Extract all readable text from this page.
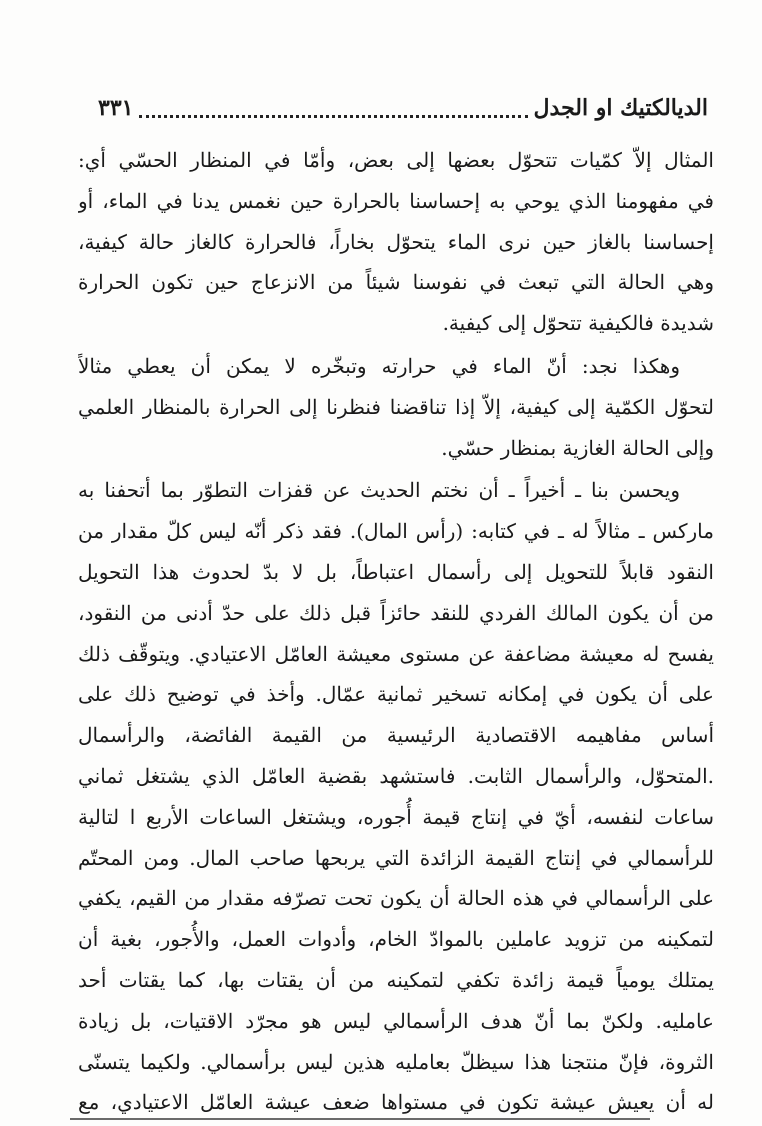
الديالكتيك او الجدل
٣٣١
المثال إلاّ كمّيات تتحوّل بعضها إلى بعض، وأمّا في المنظار الحسّي أي:
في مفهومنا الذي يوحي به إحساسنا بالحرارة حين نغمس يدنا في الماء، أو
إحساسنا بالغاز حين نرى الماء يتحوّل بخاراً، فالحرارة كالغاز حالة كيفية،
وهي الحالة التي تبعث في نفوسنا شيئاً من الانزعاج حين تكون الحرارة
شديدة فالكيفية تتحوّل إلى كيفية.
وهكذا نجد: أنّ الماء في حرارته وتبخّره لا يمكن أن يعطي مثالاً
لتحوّل الكمّية إلى كيفية، إلاّ إذا تناقضنا فنظرنا إلى الحرارة بالمنظار العلمي
وإلى الحالة الغازية بمنظار حسّي.
ويحسن بنا ـ أخيراً ـ أن نختم الحديث عن قفزات التطوّر بما أتحفنا به
ماركس ـ مثالاً له ـ في كتابه: (رأس المال). فقد ذكر أنّه ليس كلّ مقدار من
النقود قابلاً للتحويل إلى رأسمال اعتباطاً، بل لا بدّ لحدوث هذا التحويل
من أن يكون المالك الفردي للنقد حائزاً قبل ذلك على حدّ أدنى من النقود،
يفسح له معيشة مضاعفة عن مستوى معيشة العامّل الاعتيادي. ويتوقّف ذلك
على أن يكون في إمكانه تسخير ثمانية عمّال. وأخذ في توضيح ذلك على
أساس مفاهيمه الاقتصادية الرئيسية من القيمة الفائضة، والرأسمال
.المتحوّل، والرأسمال الثابت. فاستشهد بقضية العامّل الذي يشتغل ثماني
ساعات لنفسه، أيّ في إنتاج قيمة أُجوره، ويشتغل الساعات الأربع ا لتالية
للرأسمالي في إنتاج القيمة الزائدة التي يربحها صاحب المال. ومن المحتّم
على الرأسمالي في هذه الحالة أن يكون تحت تصرّفه مقدار من القيم، يكفي
لتمكينه من تزويد عاملين بالموادّ الخام، وأدوات العمل، والأُجور، بغية أن
يمتلك يومياً قيمة زائدة تكفي لتمكينه من أن يقتات بها، كما يقتات أحد
عامليه. ولكنّ بما أنّ هدف الرأسمالي ليس هو مجرّد الاقتيات، بل زيادة
الثروة، فإنّ منتجنا هذا سيظلّ بعامليه هذين ليس برأسمالي. ولكيما يتسنّى
له أن يعيش عيشة تكون في مستواها ضعف عيشة العامّل الاعتيادي، مع
